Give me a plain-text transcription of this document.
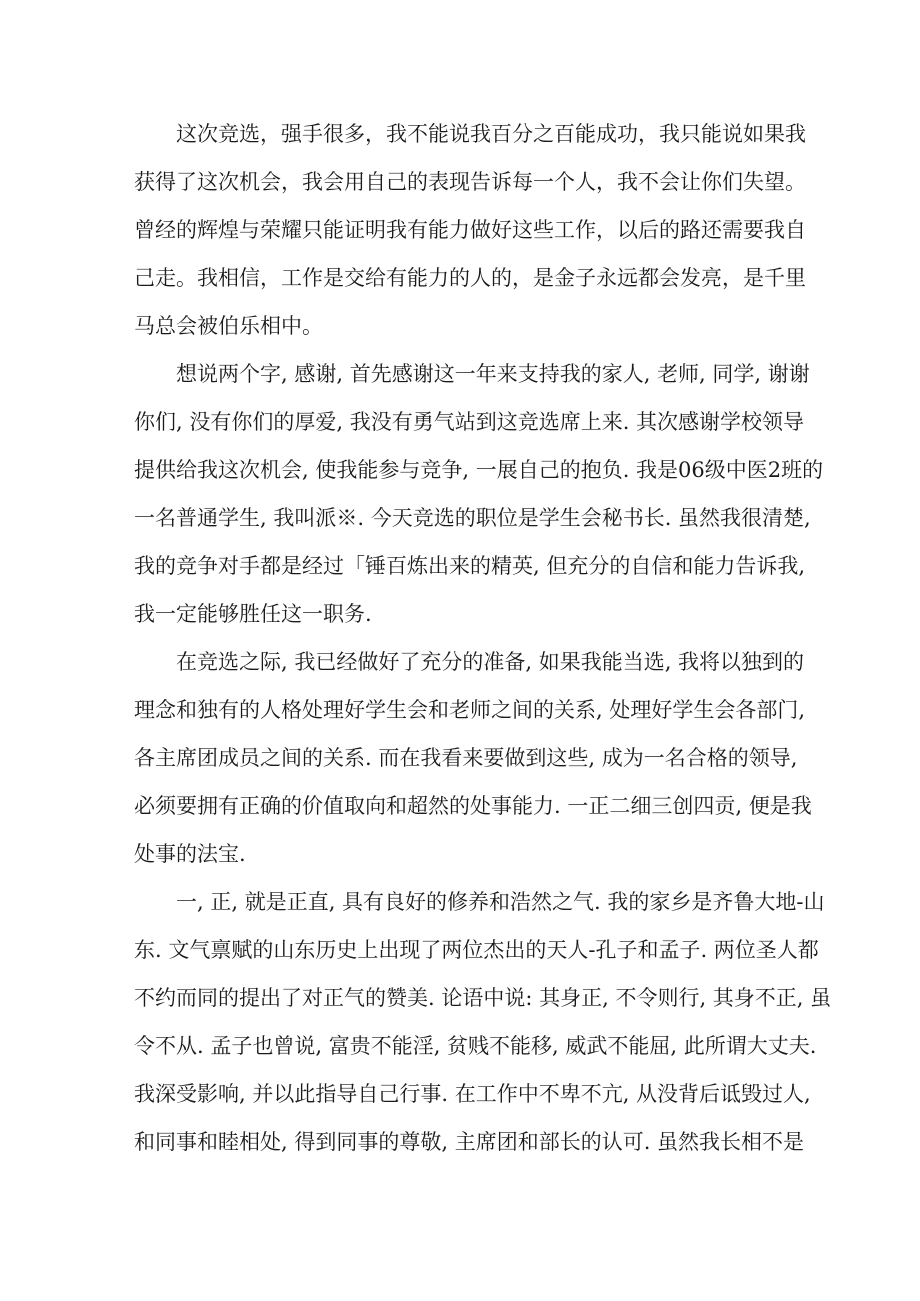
这次竞选，强手很多，我不能说我百分之百能成功，我只能说如果我
获得了这次机会，我会用自己的表现告诉每一个人，我不会让你们失望。
曾经的辉煌与荣耀只能证明我有能力做好这些工作，以后的路还需要我自
己走。我相信，工作是交给有能力的人的，是金子永远都会发亮，是千里
马总会被伯乐相中。
想说两个字, 感谢, 首先感谢这一年来支持我的家人, 老师, 同学, 谢谢
你们, 没有你们的厚爱, 我没有勇气站到这竞选席上来. 其次感谢学校领导
提供给我这次机会, 使我能参与竞争, 一展自己的抱负. 我是06级中医2班的
一名普通学生, 我叫派※. 今天竞选的职位是学生会秘书长. 虽然我很清楚,
我的竞争对手都是经过「锤百炼出来的精英, 但充分的自信和能力告诉我,
我一定能够胜任这一职务.
在竞选之际, 我已经做好了充分的准备, 如果我能当选, 我将以独到的
理念和独有的人格处理好学生会和老师之间的关系, 处理好学生会各部门,
各主席团成员之间的关系. 而在我看来要做到这些, 成为一名合格的领导,
必须要拥有正确的价值取向和超然的处事能力. 一正二细三创四贡, 便是我
处事的法宝.
一, 正, 就是正直, 具有良好的修养和浩然之气. 我的家乡是齐鲁大地-山
东. 文气禀赋的山东历史上出现了两位杰出的天人-孔子和孟子. 两位圣人都
不约而同的提出了对正气的赞美. 论语中说: 其身正, 不令则行, 其身不正, 虽
令不从. 孟子也曾说, 富贵不能淫, 贫贱不能移, 威武不能屈, 此所谓大丈夫.
我深受影响, 并以此指导自己行事. 在工作中不卑不亢, 从没背后诋毁过人,
和同事和睦相处, 得到同事的尊敬, 主席团和部长的认可. 虽然我长相不是
